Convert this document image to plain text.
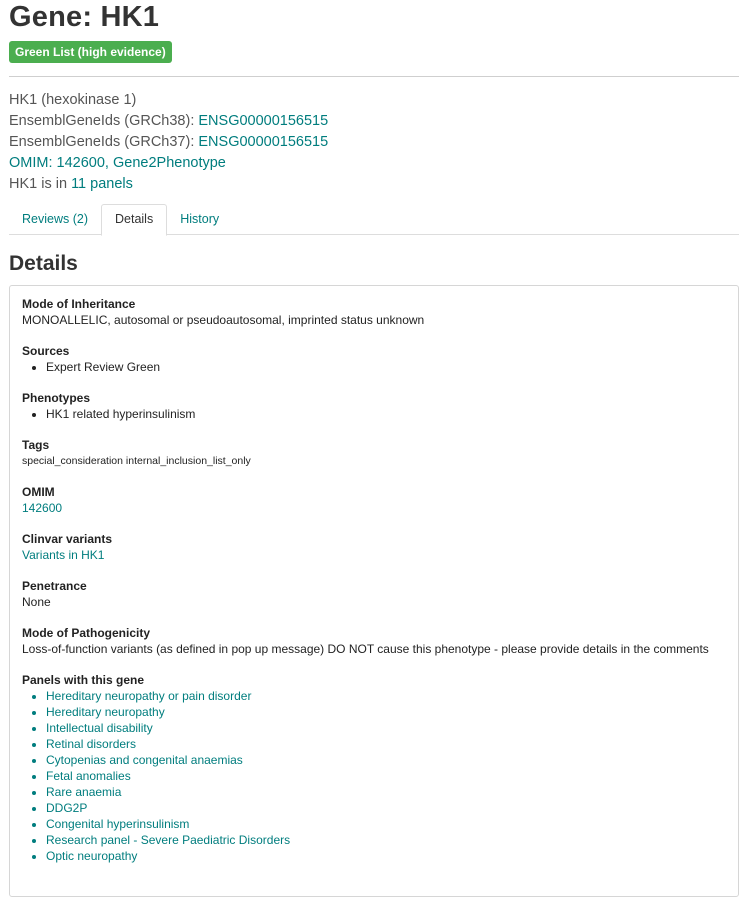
Gene: HK1
Green List (high evidence)
HK1 (hexokinase 1)
EnsemblGeneIds (GRCh38): ENSG00000156515
EnsemblGeneIds (GRCh37): ENSG00000156515
OMIM: 142600, Gene2Phenotype
HK1 is in 11 panels
Reviews (2)	Details	History
Details
Mode of Inheritance
MONOALLELIC, autosomal or pseudoautosomal, imprinted status unknown
Sources
• Expert Review Green
Phenotypes
• HK1 related hyperinsulinism
Tags
special_consideration internal_inclusion_list_only
OMIM
142600
Clinvar variants
Variants in HK1
Penetrance
None
Mode of Pathogenicity
Loss-of-function variants (as defined in pop up message) DO NOT cause this phenotype - please provide details in the comments
Panels with this gene
• Hereditary neuropathy or pain disorder
• Hereditary neuropathy
• Intellectual disability
• Retinal disorders
• Cytopenias and congenital anaemias
• Fetal anomalies
• Rare anaemia
• DDG2P
• Congenital hyperinsulinism
• Research panel - Severe Paediatric Disorders
• Optic neuropathy
